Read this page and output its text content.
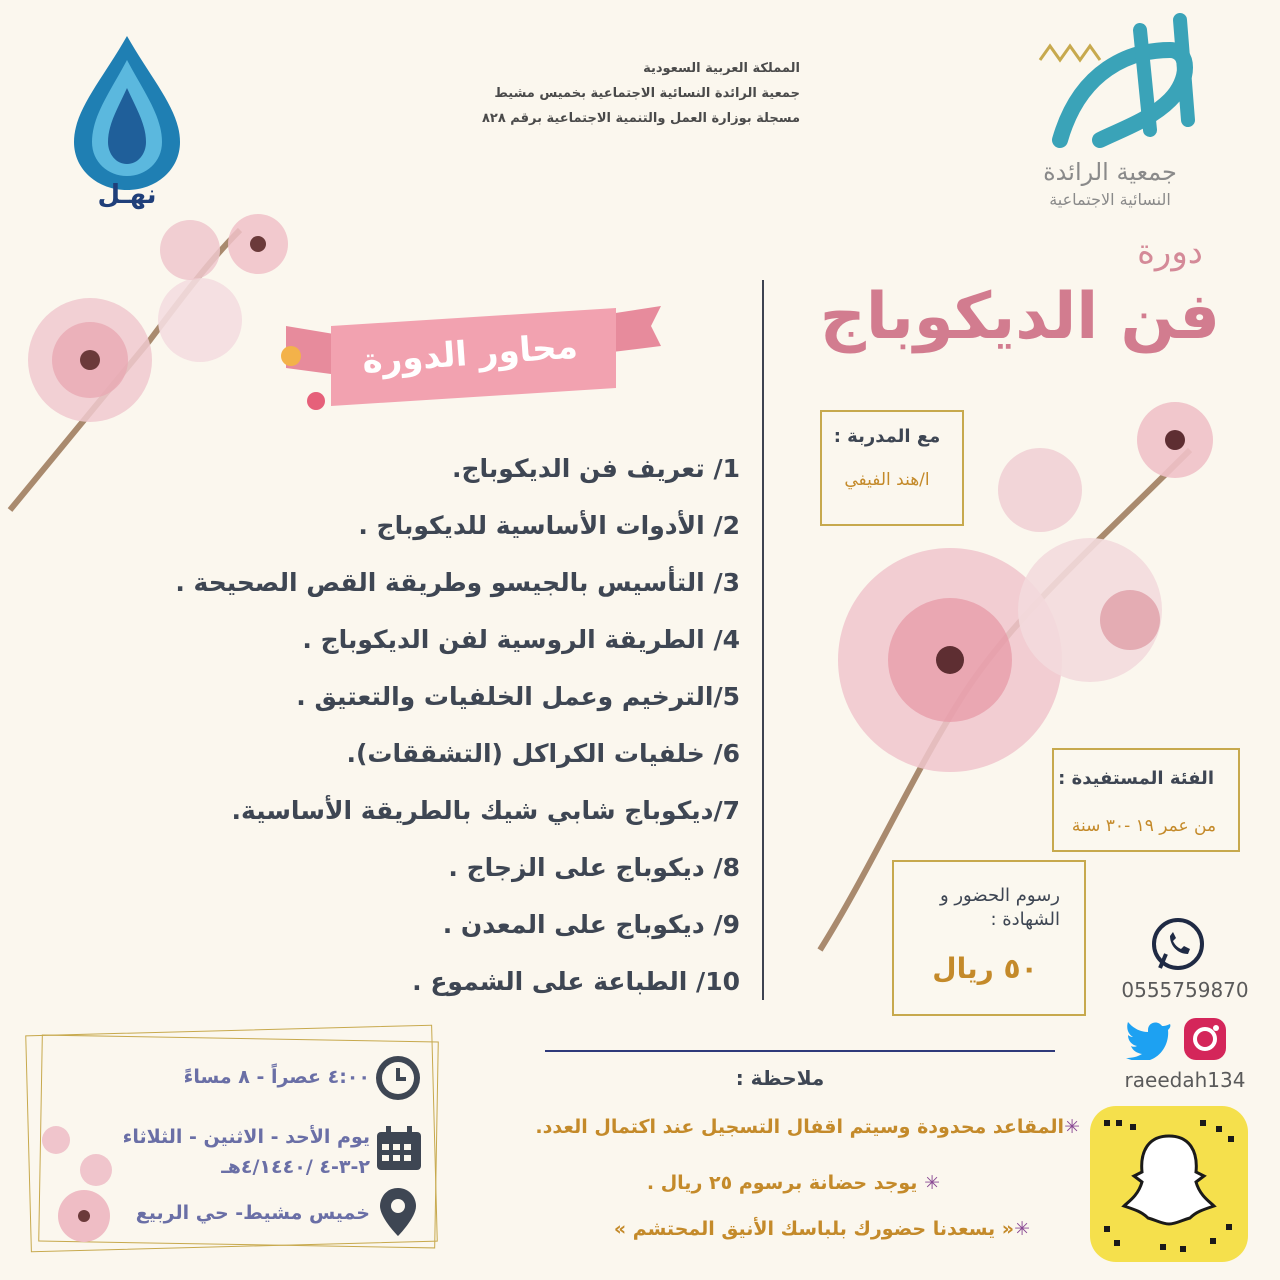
المملكة العربية السعودية
جمعية الرائدة النسائية الاجتماعية بخميس مشيط
مسجلة بوزارة العمل والتنمية الاجتماعية برقم ٨٢٨
نهـل
جمعية الرائدة
النسائية الاجتماعية
دورة
فن الديكوباج
محاور الدورة
1/ تعريف فن الديكوباج.
2/ الأدوات الأساسية للديكوباج .
3/ التأسيس بالجيسو وطريقة القص الصحيحة .
4/ الطريقة الروسية لفن الديكوباج .
5/الترخيم وعمل الخلفيات والتعتيق .
6/ خلفيات الكراكل (التشققات).
7/ديكوباج شابي شيك بالطريقة الأساسية.
8/ ديكوباج على الزجاج .
9/ ديكوباج على المعدن .
10/ الطباعة على الشموع .
مع المدربة :
ا/هند الفيفي
الفئة المستفيدة :
من عمر ١٩ -٣٠ سنة
رسوم الحضور و
الشهادة :
٥٠ ريال
0555759870
raeedah134
ملاحظة :
✳المقاعد محدودة وسيتم اقفال التسجيل عند اكتمال العدد.
✳ يوجد حضانة برسوم ٢٥ ريال .
✳« يسعدنا حضورك بلباسك الأنيق المحتشم »
٤:٠٠ عصراً - ٨ مساءً
يوم الأحد - الاثنين - الثلاثاء
٢-٣-٤ /٤/١٤٤٠هـ
خميس مشيط- حي الربيع
